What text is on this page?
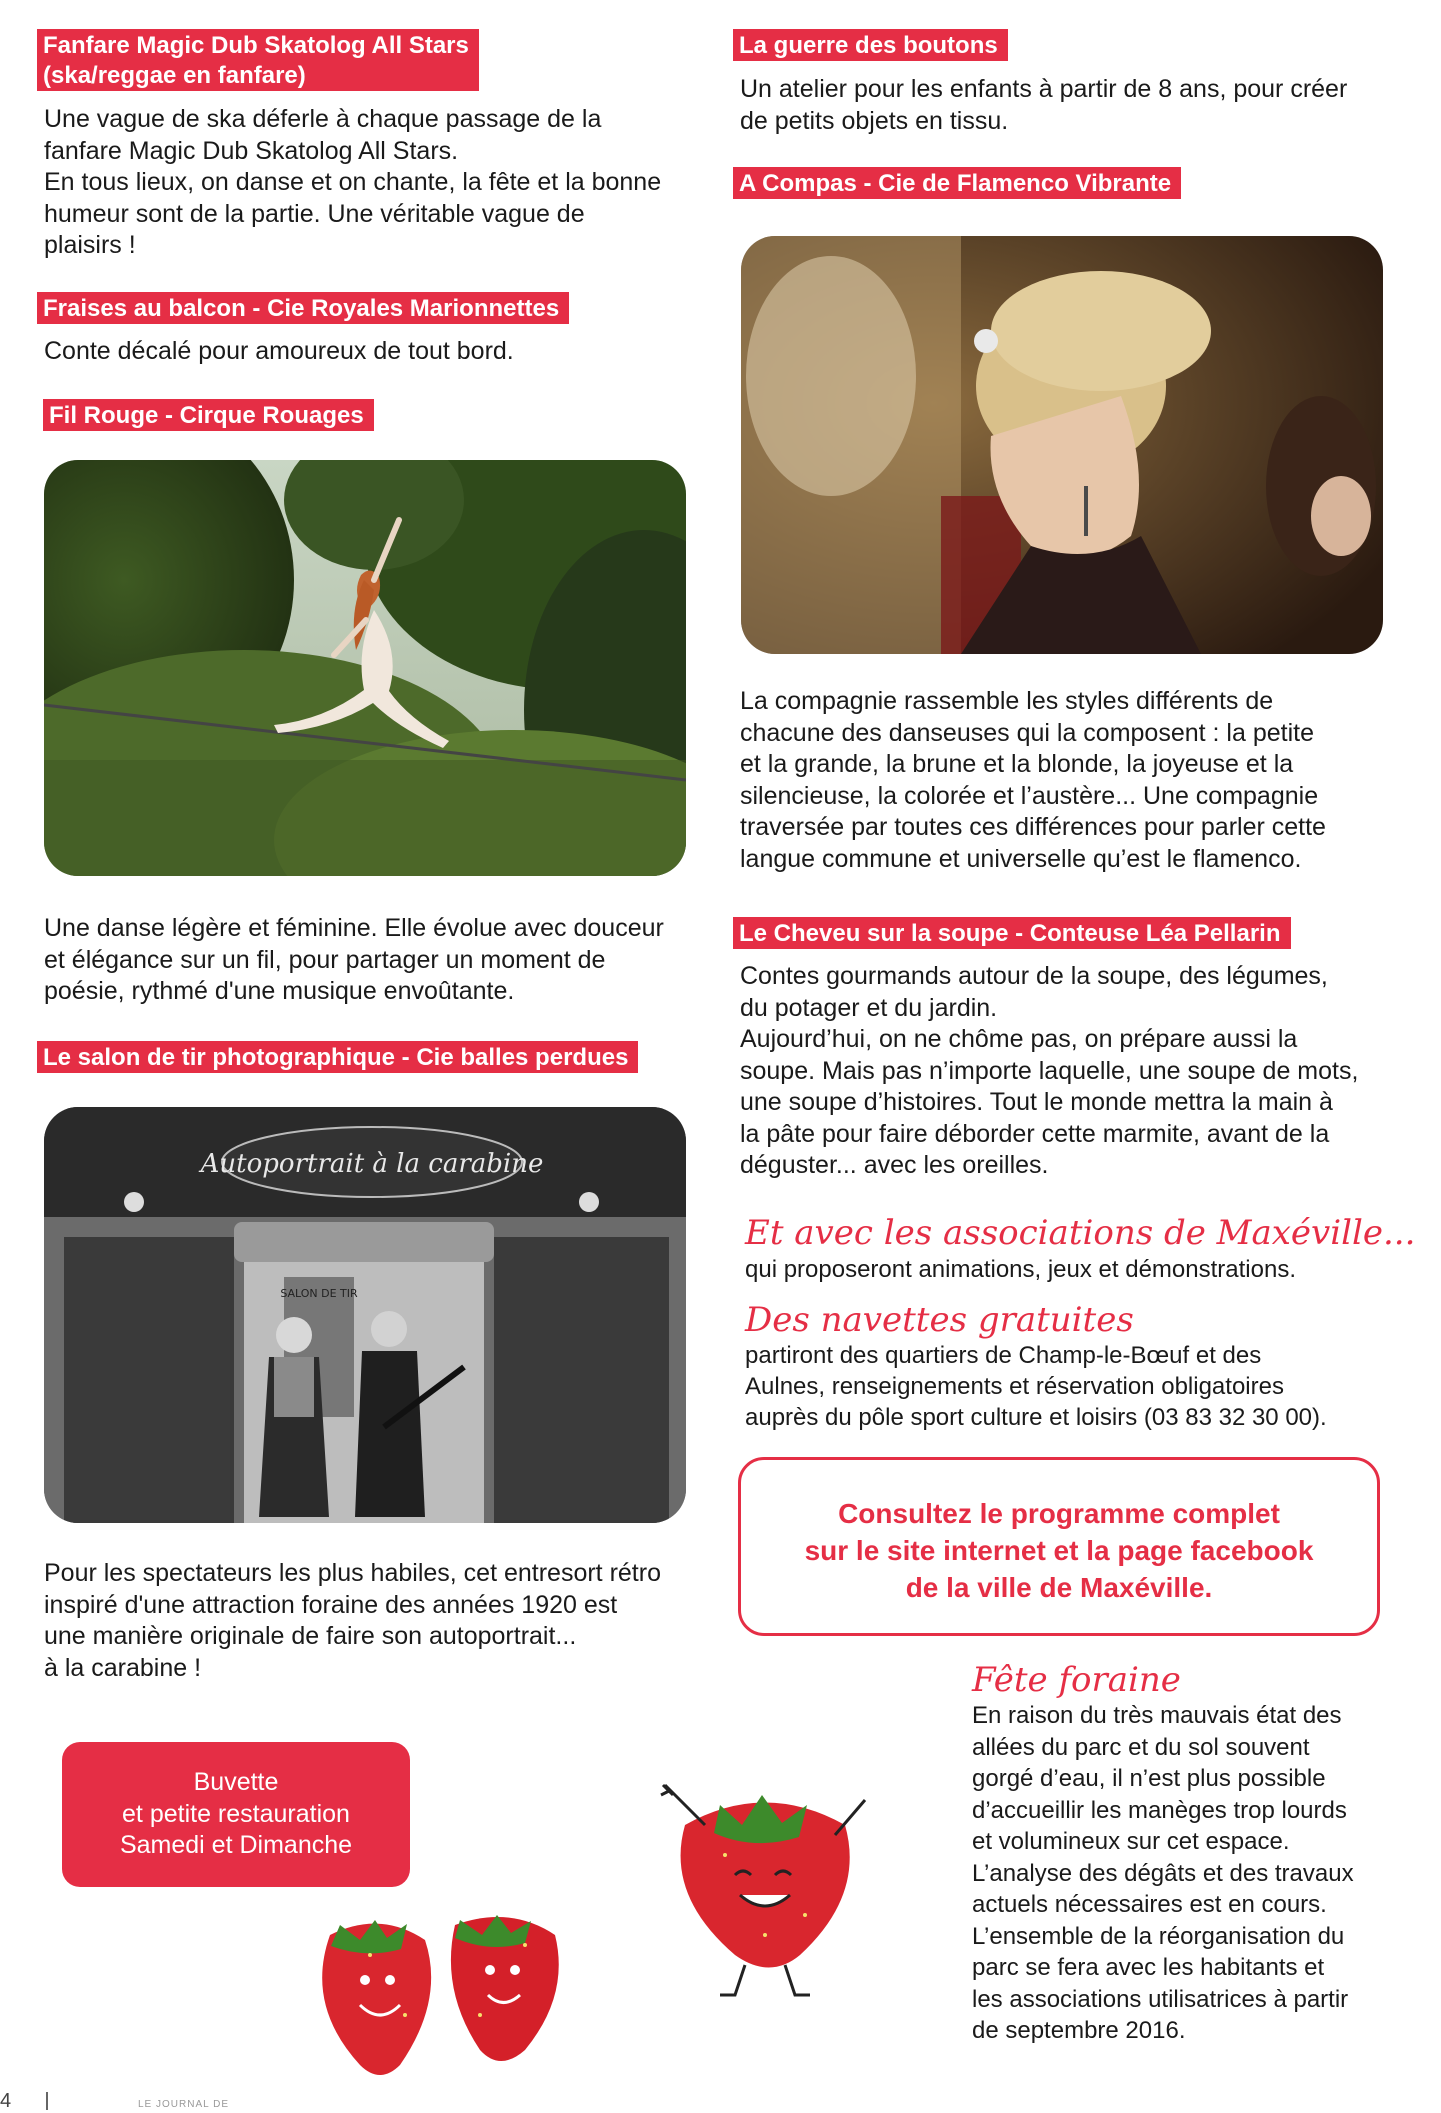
Fanfare Magic Dub Skatolog All Stars
(ska/reggae en fanfare)
Une vague de ska déferle à chaque passage de la
fanfare Magic Dub Skatolog All Stars.
En tous lieux, on danse et on chante, la fête et la bonne
humeur sont de la partie. Une véritable vague de
plaisirs !
Fraises au balcon - Cie Royales Marionnettes
Conte décalé pour amoureux de tout bord.
Fil Rouge - Cirque Rouages
Une danse légère et féminine. Elle évolue avec douceur
et élégance sur un fil, pour partager un moment de
poésie, rythmé d'une musique envoûtante.
Le salon de tir photographique - Cie balles perdues
Autoportrait à la carabine
SALON DE TIR
Pour les spectateurs les plus habiles, cet entresort rétro
inspiré d'une attraction foraine des années 1920 est
une manière originale de faire son autoportrait...
à la carabine !
Buvette
et petite restauration
Samedi et Dimanche
La guerre des boutons
Un atelier pour les enfants à partir de 8 ans, pour créer
de petits objets en tissu.
A Compas - Cie de Flamenco Vibrante
La compagnie rassemble les styles différents de
chacune des danseuses qui la composent : la petite
et la grande, la brune et la blonde, la joyeuse et la
silencieuse, la colorée et l’austère... Une compagnie
traversée par toutes ces différences pour parler cette
langue commune et universelle qu’est le flamenco.
Le Cheveu sur la soupe - Conteuse Léa Pellarin
Contes gourmands autour de la soupe, des légumes,
du potager et du jardin.
Aujourd’hui, on ne chôme pas, on prépare aussi la
soupe. Mais pas n’importe laquelle, une soupe de mots,
une soupe d’histoires. Tout le monde mettra la main à
la pâte pour faire déborder cette marmite, avant de la
déguster... avec les oreilles.
Et avec les associations de Maxéville...
qui proposeront animations, jeux et démonstrations.
Des navettes gratuites
partiront des quartiers de Champ-le-Bœuf et des
Aulnes, renseignements et réservation obligatoires
auprès du pôle sport culture et loisirs (03 83 32 30 00).
Consultez le programme complet
sur le site internet et la page facebook
de la ville de Maxéville.
Fête foraine
En raison du très mauvais état des
allées du parc et du sol souvent
gorgé d’eau, il n’est plus possible
d’accueillir les manèges trop lourds
et volumineux sur cet espace.
L’analyse des dégâts et des travaux
actuels nécessaires est en cours.
L’ensemble de la réorganisation du
parc se fera avec les habitants et
les associations utilisatrices à partir
de septembre 2016.
4	LE JOURNAL DE
